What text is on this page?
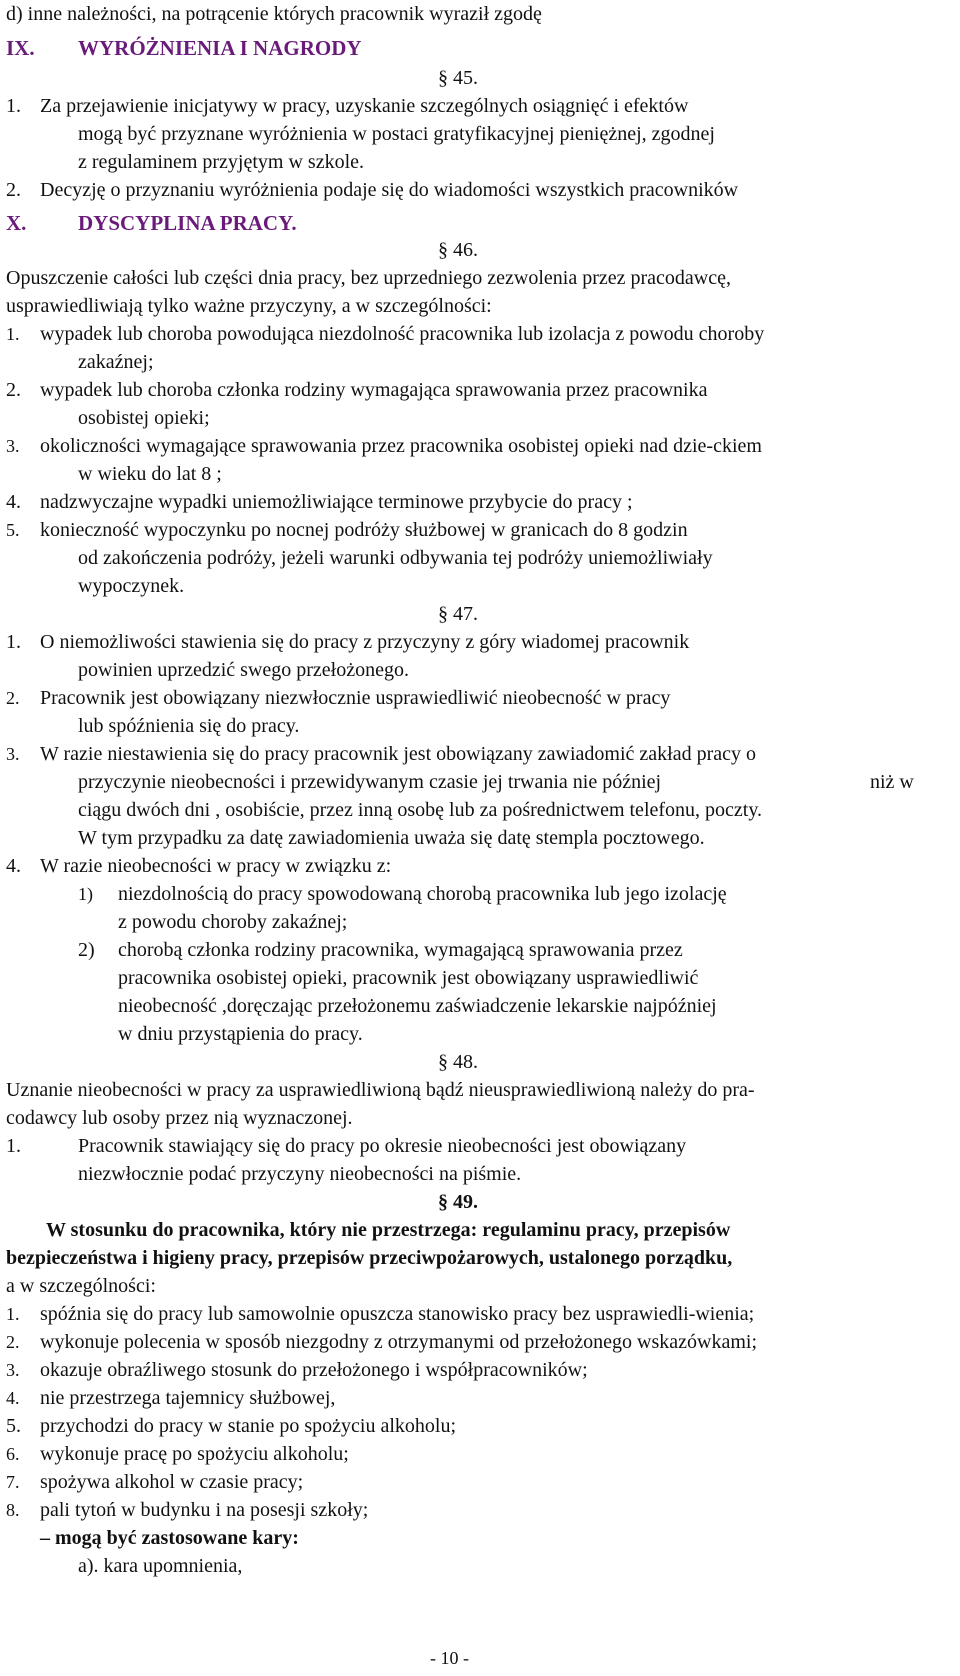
d) inne należności, na potrącenie których pracownik wyraził zgodę
IX. WYRÓŻNIENIA I NAGRODY
§ 45.
1. Za przejawienie inicjatywy w pracy, uzyskanie szczególnych osiągnięć i efektów
mogą być przyznane wyróżnienia w postaci gratyfikacyjnej pieniężnej, zgodnej
z regulaminem przyjętym w szkole.
2. Decyzję o przyznaniu wyróżnienia podaje się do wiadomości wszystkich pracowników
X. DYSCYPLINA PRACY.
§ 46.
Opuszczenie całości lub części dnia pracy, bez uprzedniego zezwolenia przez pracodawcę,
usprawiedliwiają tylko ważne przyczyny, a w szczególności:
1. wypadek lub choroba powodująca niezdolność pracownika lub izolacja z powodu choroby
zakaźnej;
2. wypadek lub choroba członka rodziny wymagająca sprawowania przez pracownika
osobistej opieki;
3. okoliczności wymagające sprawowania przez pracownika osobistej opieki nad dzie-ckiem
w wieku do lat 8 ;
4. nadzwyczajne wypadki uniemożliwiające terminowe przybycie do pracy ;
5. konieczność wypoczynku po nocnej podróży służbowej w granicach do 8 godzin
od zakończenia podróży, jeżeli warunki odbywania tej podróży uniemożliwiały
wypoczynek.
§ 47.
1. O niemożliwości stawienia się do pracy z przyczyny z góry wiadomej pracownik
powinien uprzedzić swego przełożonego.
2. Pracownik jest obowiązany niezwłocznie usprawiedliwić nieobecność w pracy
lub spóźnienia się do pracy.
3. W razie niestawienia się do pracy pracownik jest obowiązany zawiadomić zakład pracy o
przyczynie nieobecności i przewidywanym czasie jej trwania nie później	niż w
ciągu dwóch dni , osobiście, przez inną osobę lub za pośrednictwem telefonu, poczty.
W tym przypadku za datę zawiadomienia uważa się datę stempla pocztowego.
4. W razie nieobecności w pracy w związku z:
1) niezdolnością do pracy spowodowaną chorobą pracownika lub jego izolację
z powodu choroby zakaźnej;
2) chorobą członka rodziny pracownika, wymagającą sprawowania przez
pracownika osobistej opieki, pracownik jest obowiązany usprawiedliwić
nieobecność ,doręczając przełożonemu zaświadczenie lekarskie najpóźniej
w dniu przystąpienia do pracy.
§ 48.
Uznanie nieobecności w pracy za usprawiedliwioną bądź nieusprawiedliwioną należy do pra-
codawcy lub osoby przez nią wyznaczonej.
1.	Pracownik stawiający się do pracy po okresie nieobecności jest obowiązany
niezwłocznie podać przyczyny nieobecności na piśmie.
§ 49.
W stosunku do pracownika, który nie przestrzega: regulaminu pracy, przepisów
bezpieczeństwa i higieny pracy, przepisów przeciwpożarowych, ustalonego porządku,
a w szczególności:
1. spóźnia się do pracy lub samowolnie opuszcza stanowisko pracy bez usprawiedli-wienia;
2. wykonuje polecenia w sposób niezgodny z otrzymanymi od przełożonego wskazówkami;
3. okazuje obraźliwego stosunk do przełożonego i współpracowników;
4. nie przestrzega tajemnicy służbowej,
5. przychodzi do pracy w stanie po spożyciu alkoholu;
6. wykonuje pracę po spożyciu alkoholu;
7. spożywa alkohol w czasie pracy;
8. pali tytoń w budynku i na posesji szkoły;
– mogą być zastosowane kary:
a). kara upomnienia,
- 10 -
